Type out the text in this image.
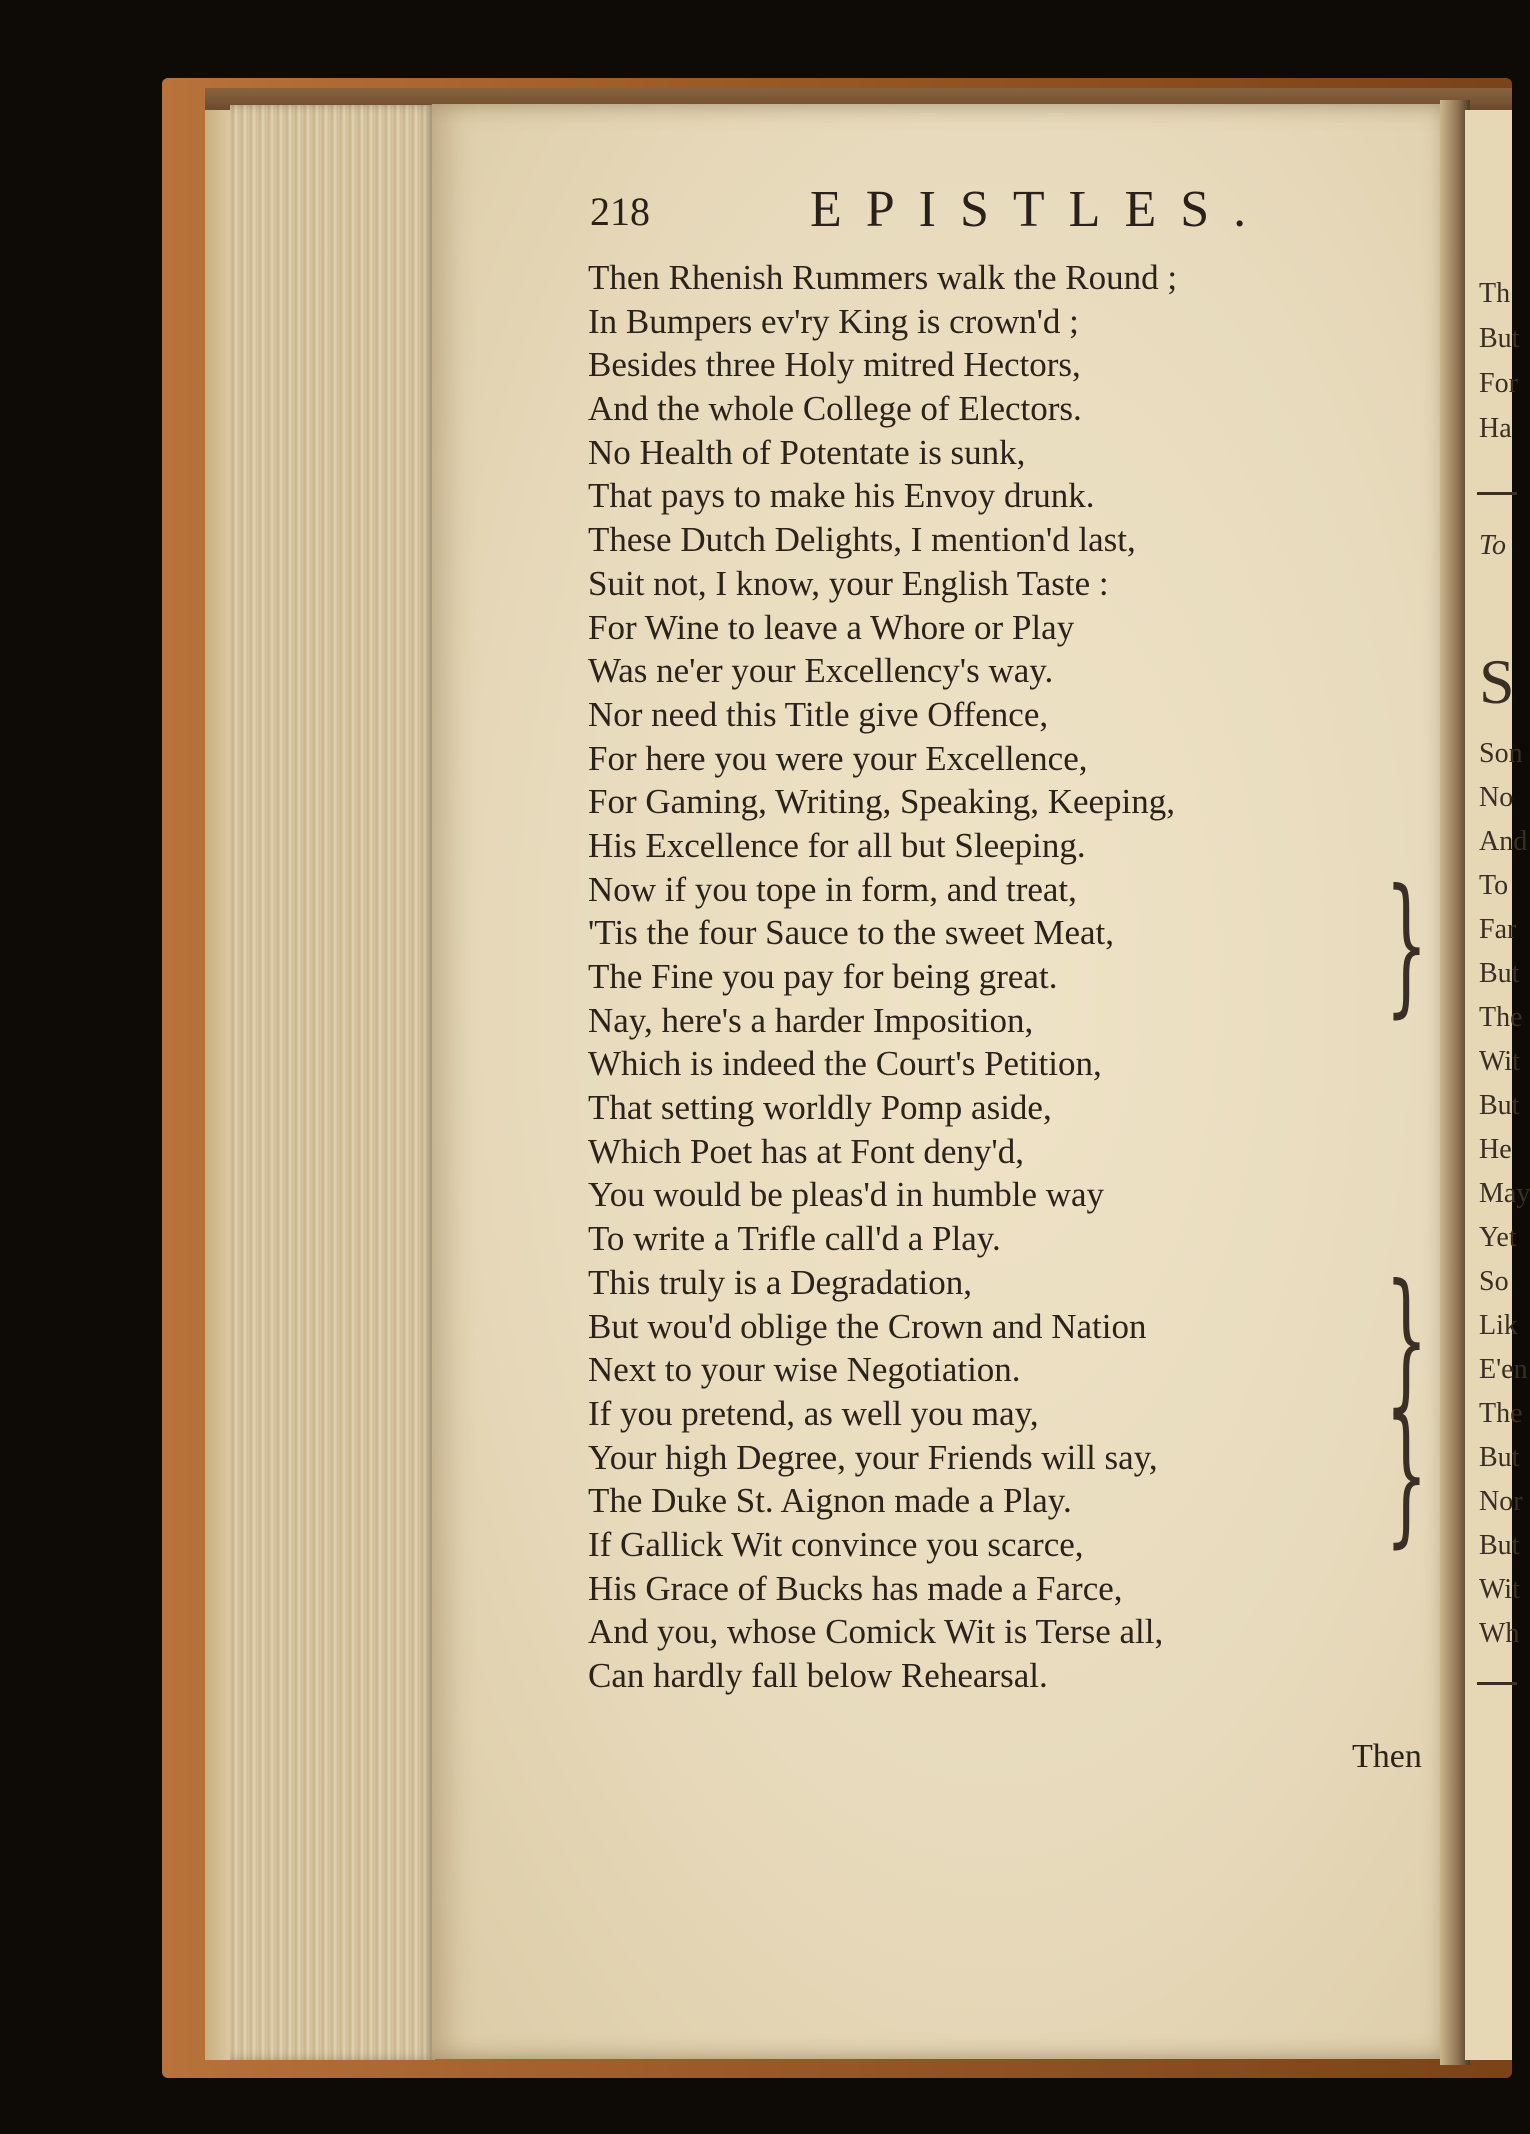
Th
But
For
Ha
To
S
Son
No
And
To
Far
But
The
Wit
But
He
May
Yet
So
Lik
E'en
The
But
Nor
But
Wit
Wh
218	EPISTLES.
Then Rhenish Rummers walk the Round ;
In Bumpers ev'ry King is crown'd ;
Besides three Holy mitred Hectors,
And the whole College of Electors.
No Health of Potentate is sunk,
That pays to make his Envoy drunk.
These Dutch Delights, I mention'd last,
Suit not, I know, your English Taste :
For Wine to leave a Whore or Play
Was ne'er your Excellency's way.
Nor need this Title give Offence,
For here you were your Excellence,
For Gaming, Writing, Speaking, Keeping,
His Excellence for all but Sleeping.
Now if you tope in form, and treat,
'Tis the four Sauce to the sweet Meat,
The Fine you pay for being great.
Nay, here's a harder Imposition,
Which is indeed the Court's Petition,
That setting worldly Pomp aside,
Which Poet has at Font deny'd,
You would be pleas'd in humble way
To write a Trifle call'd a Play.
This truly is a Degradation,
But wou'd oblige the Crown and Nation
Next to your wise Negotiation.
If you pretend, as well you may,
Your high Degree, your Friends will say,
The Duke St. Aignon made a Play.
If Gallick Wit convince you scarce,
His Grace of Bucks has made a Farce,
And you, whose Comick Wit is Terse all,
Can hardly fall below Rehearsal.
}
}
}
Then
